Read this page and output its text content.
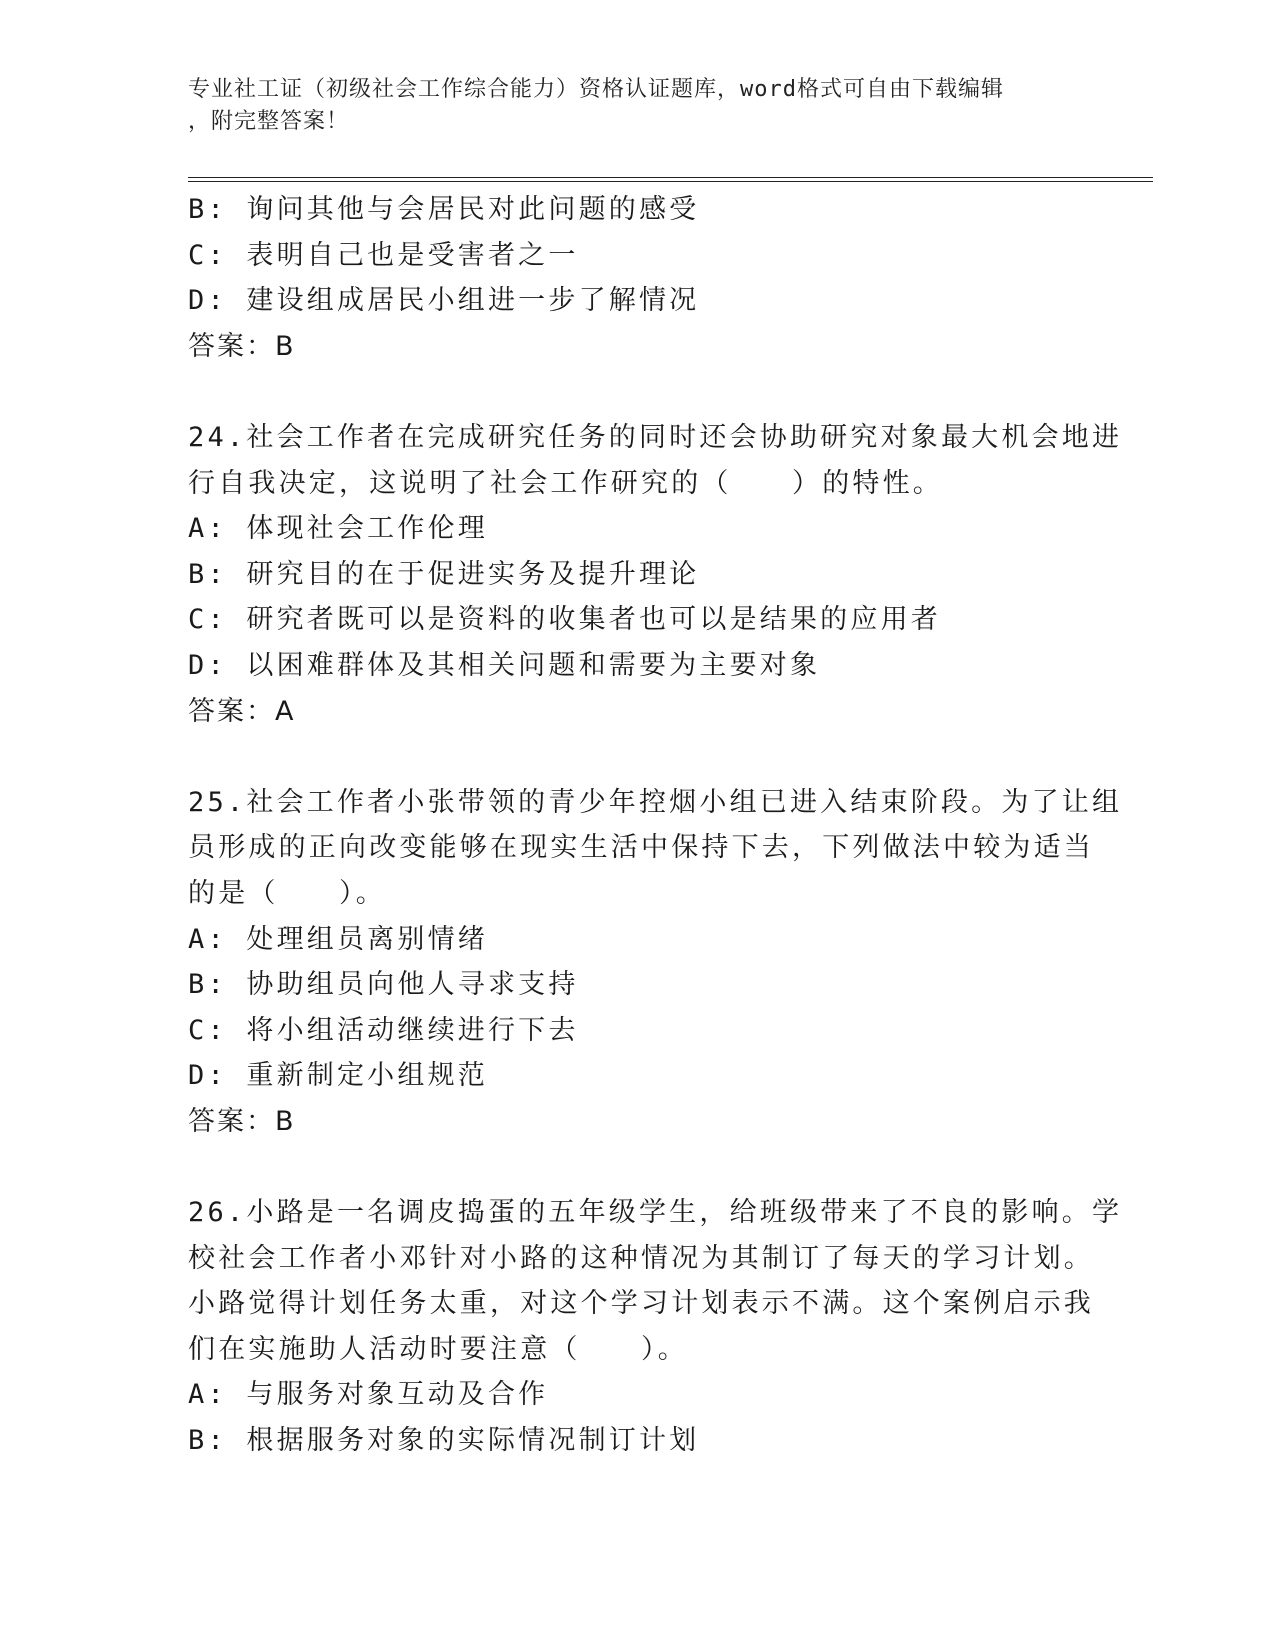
专业社工证（初级社会工作综合能力）资格认证题库，word格式可自由下载编辑
，附完整答案！
B: 询问其他与会居民对此问题的感受
C: 表明自己也是受害者之一
D: 建设组成居民小组进一步了解情况
答案：B
24.社会工作者在完成研究任务的同时还会协助研究对象最大机会地进
行自我决定，这说明了社会工作研究的（　　）的特性。
A: 体现社会工作伦理
B: 研究目的在于促进实务及提升理论
C: 研究者既可以是资料的收集者也可以是结果的应用者
D: 以困难群体及其相关问题和需要为主要对象
答案：A
25.社会工作者小张带领的青少年控烟小组已进入结束阶段。为了让组
员形成的正向改变能够在现实生活中保持下去，下列做法中较为适当
的是（　　）。
A: 处理组员离别情绪
B: 协助组员向他人寻求支持
C: 将小组活动继续进行下去
D: 重新制定小组规范
答案：B
26.小路是一名调皮捣蛋的五年级学生，给班级带来了不良的影响。学
校社会工作者小邓针对小路的这种情况为其制订了每天的学习计划。
小路觉得计划任务太重，对这个学习计划表示不满。这个案例启示我
们在实施助人活动时要注意（　　）。
A: 与服务对象互动及合作
B: 根据服务对象的实际情况制订计划
